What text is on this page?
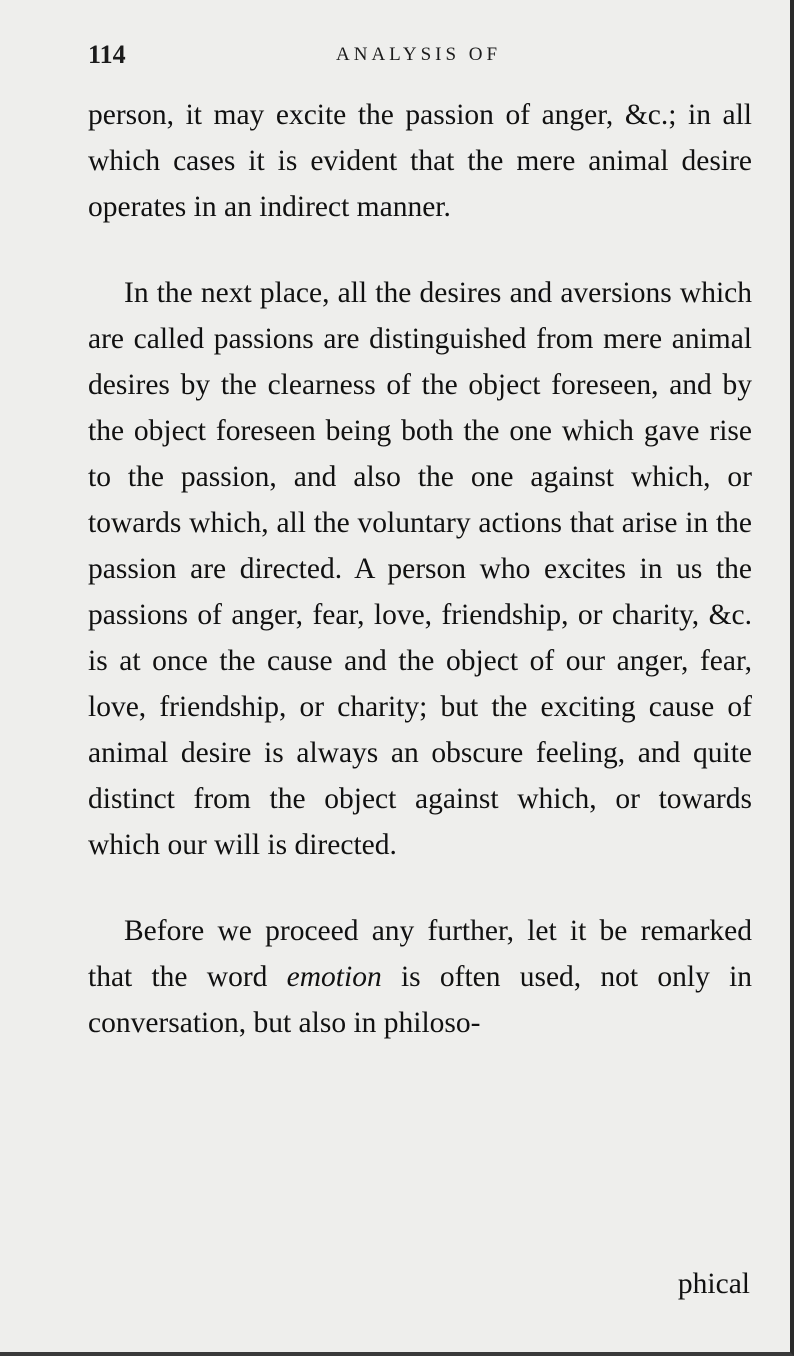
114	ANALYSIS OF

person, it may excite the passion of anger, &c.; in all which cases it is evident that the mere animal desire operates in an indirect manner.

In the next place, all the desires and aversions which are called passions are distinguished from mere animal desires by the clearness of the object foreseen, and by the object foreseen being both the one which gave rise to the passion, and also the one against which, or towards which, all the voluntary actions that arise in the passion are directed. A person who excites in us the passions of anger, fear, love, friendship, or charity, &c. is at once the cause and the object of our anger, fear, love, friendship, or charity; but the exciting cause of animal desire is always an obscure feeling, and quite distinct from the object against which, or towards which our will is directed.

Before we proceed any further, let it be remarked that the word emotion is often used, not only in conversation, but also in philoso-

phical
